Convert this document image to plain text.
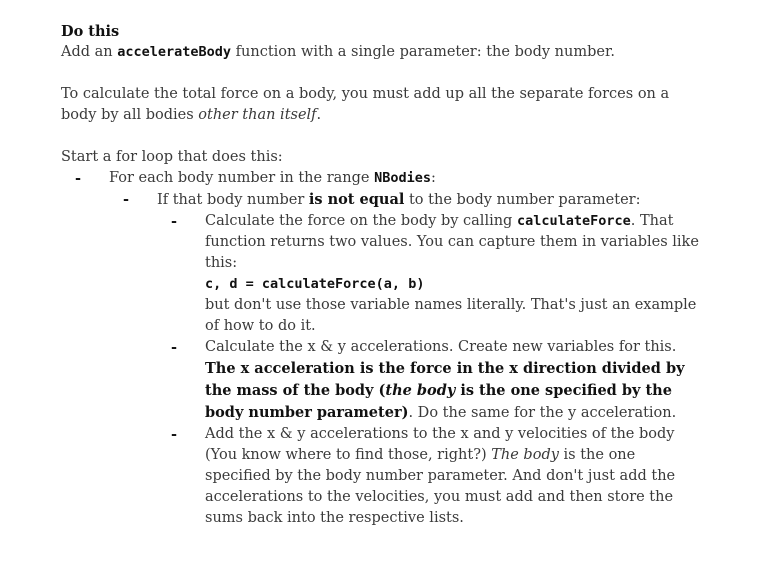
Do this

Add an accelerateBody function with a single parameter: the body number.

To calculate the total force on a body, you must add up all the separate forces on a body by all bodies other than itself.

Start a for loop that does this:

- For each body number in the range NBodies:
- If that body number is not equal to the body number parameter:
- Calculate the force on the body by calling calculateForce. That function returns two values. You can capture them in variables like this:
c, d = calculateForce(a, b)
but don't use those variable names literally. That's just an example of how to do it.
- Calculate the x & y accelerations. Create new variables for this. The x acceleration is the force in the x direction divided by the mass of the body (the body is the one specified by the body number parameter). Do the same for the y acceleration.
- Add the x & y accelerations to the x and y velocities of the body (You know where to find those, right?) The body is the one specified by the body number parameter. And don't just add the accelerations to the velocities, you must add and then store the sums back into the respective lists.
